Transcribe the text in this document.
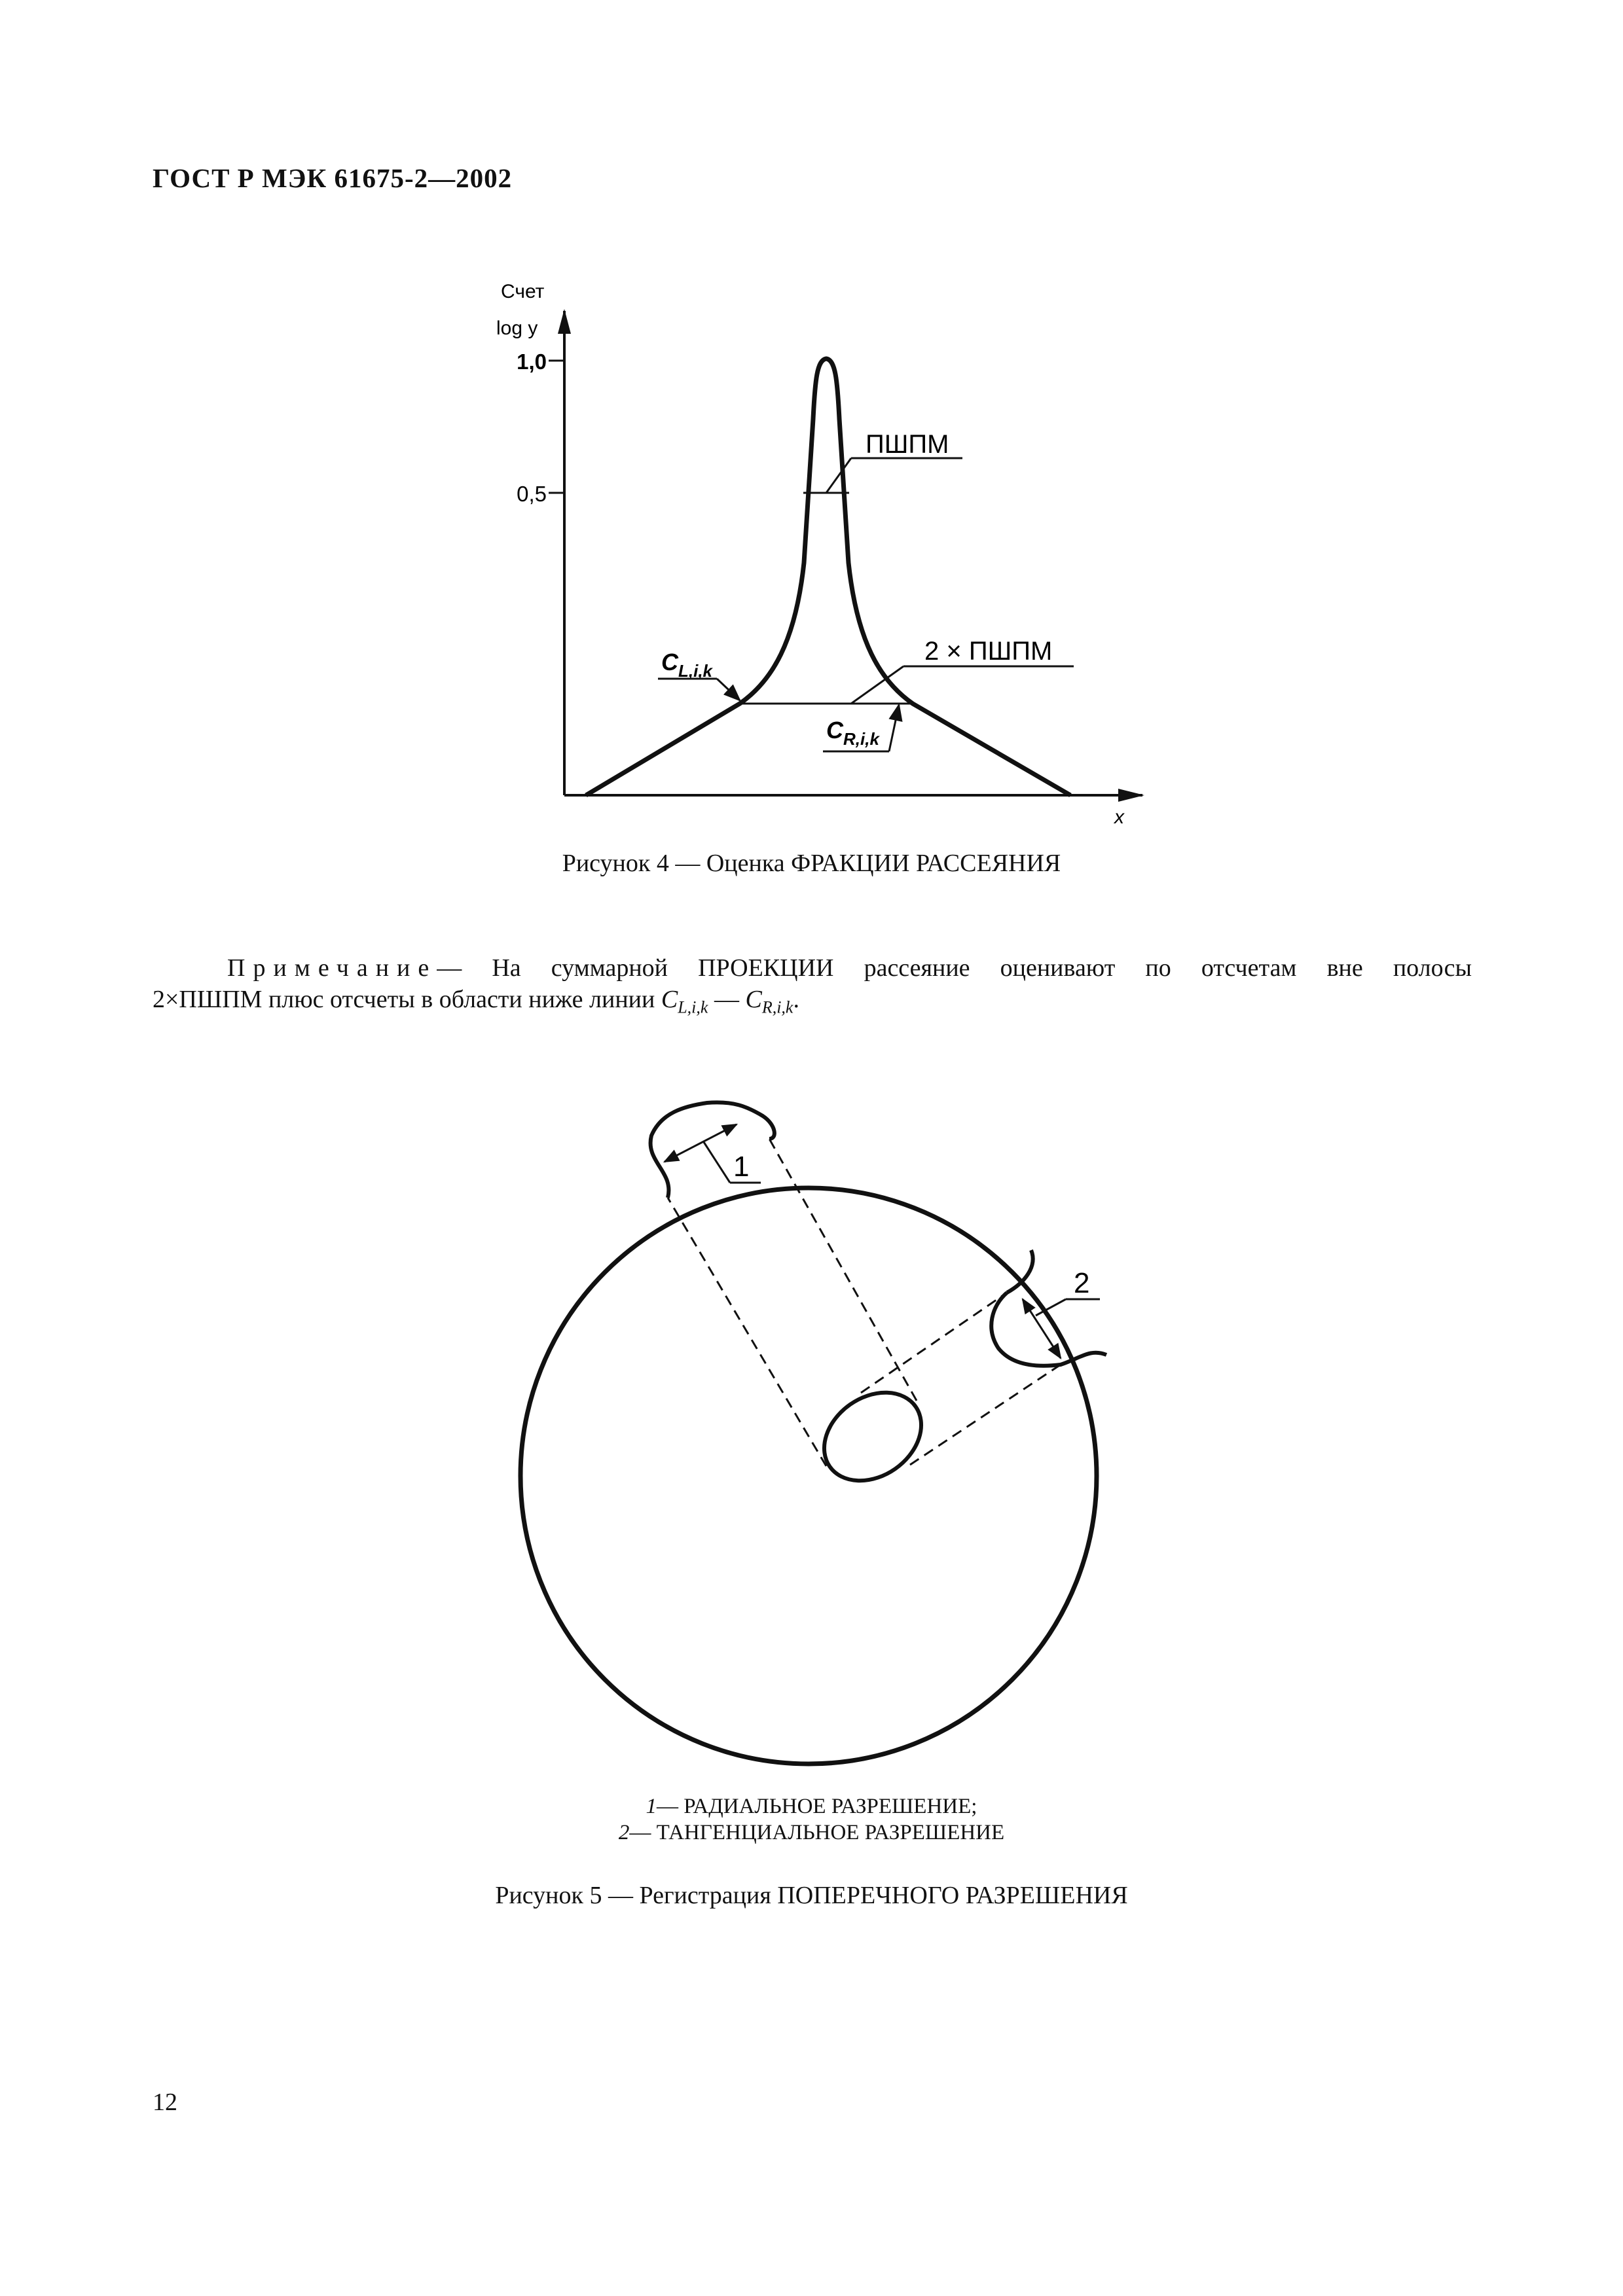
ГОСТ Р МЭК 61675-2—2002
1,0
0,5
Счет
log y
x
ПШПМ
2 × ПШПМ
$C_{L,i,k}$
$C_{R,i,k}$
Рисунок 4 — Оценка ФРАКЦИИ РАССЕЯНИЯ
Примечание— На суммарной ПРОЕКЦИИ рассеяние оценивают по отсчетам вне полосы
2×ПШПМ плюс отсчеты в области ниже линии $C_{L,i,k}$ — $C_{R,i,k}$.
1
2
1— РАДИАЛЬНОЕ РАЗРЕШЕНИЕ;
2— ТАНГЕНЦИАЛЬНОЕ РАЗРЕШЕНИЕ
Рисунок 5 — Регистрация ПОПЕРЕЧНОГО РАЗРЕШЕНИЯ
12
